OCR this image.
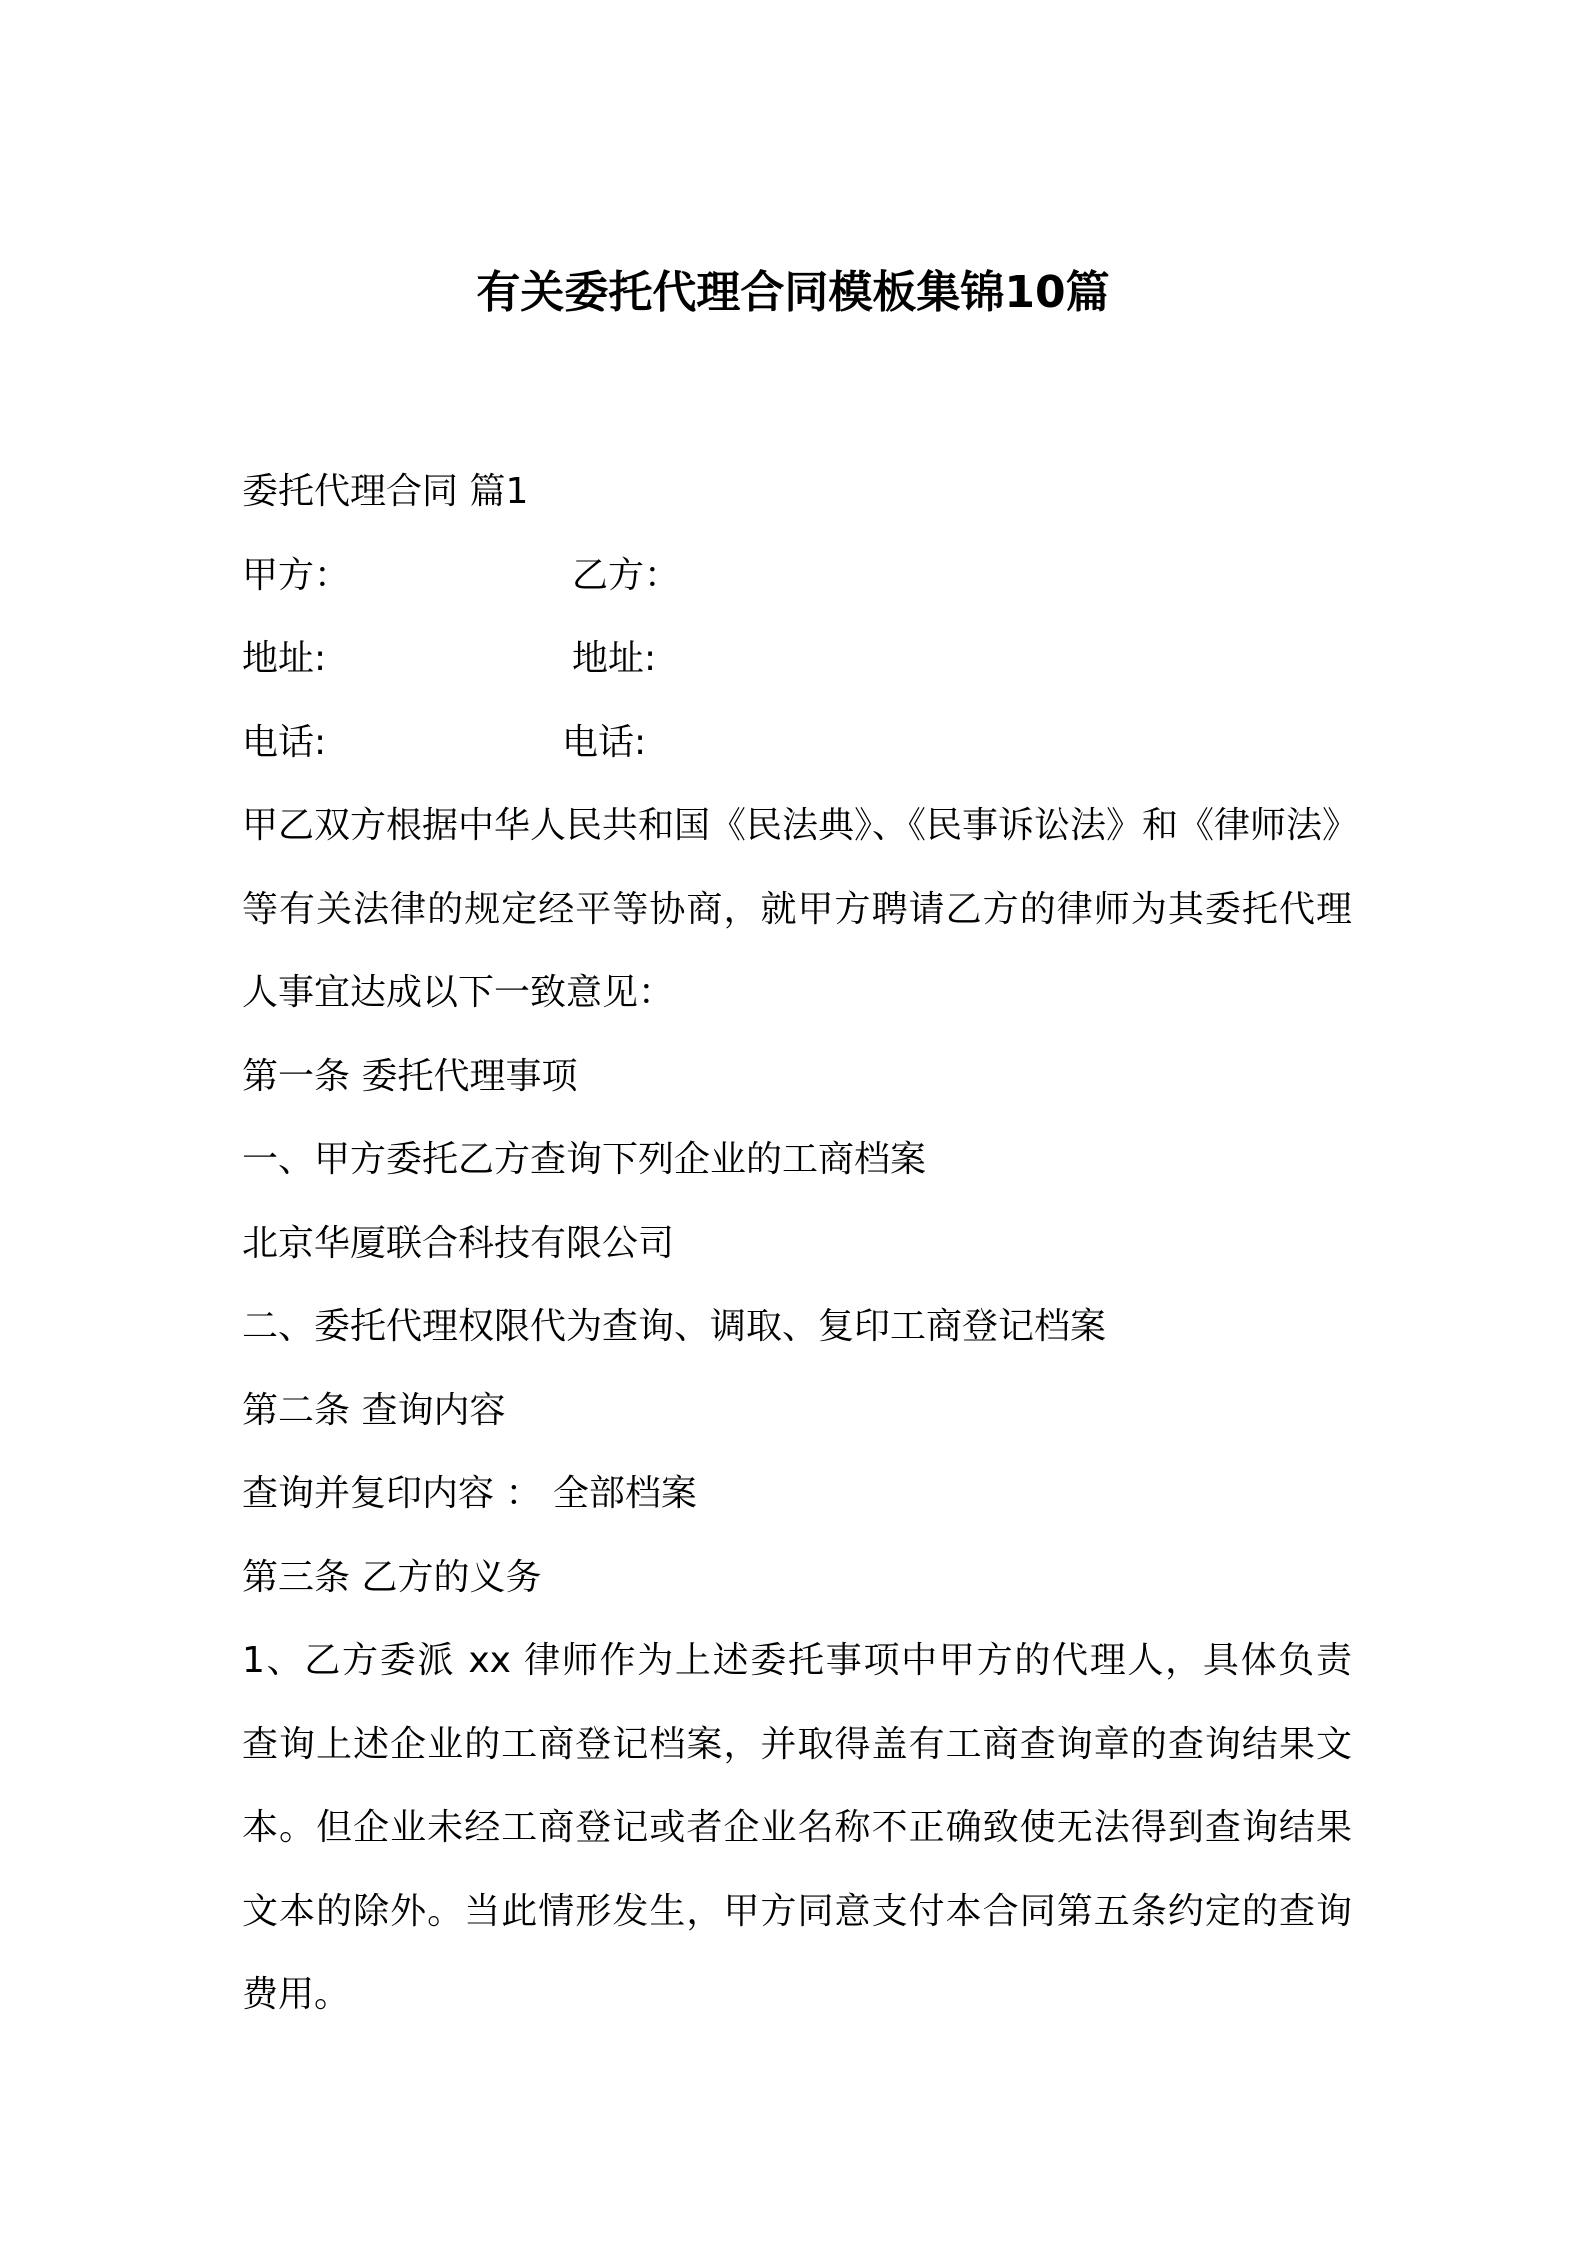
有关委托代理合同模板集锦10篇
委托代理合同 篇1
甲方：	乙方：
地址:	地址:
电话:	电话:
甲乙双方根据中华人民共和国《民法典》、《民事诉讼法》和《律师法》
等有关法律的规定经平等协商，就甲方聘请乙方的律师为其委托代理
人事宜达成以下一致意见：
第一条 委托代理事项
一、甲方委托乙方查询下列企业的工商档案
北京华厦联合科技有限公司
二、委托代理权限代为查询、调取、复印工商登记档案
第二条 查询内容
查询并复印内容 ： 全部档案
第三条 乙方的义务
1、乙方委派 xx 律师作为上述委托事项中甲方的代理人，具体负责
查询上述企业的工商登记档案，并取得盖有工商查询章的查询结果文
本。但企业未经工商登记或者企业名称不正确致使无法得到查询结果
文本的除外。当此情形发生，甲方同意支付本合同第五条约定的查询
费用。
